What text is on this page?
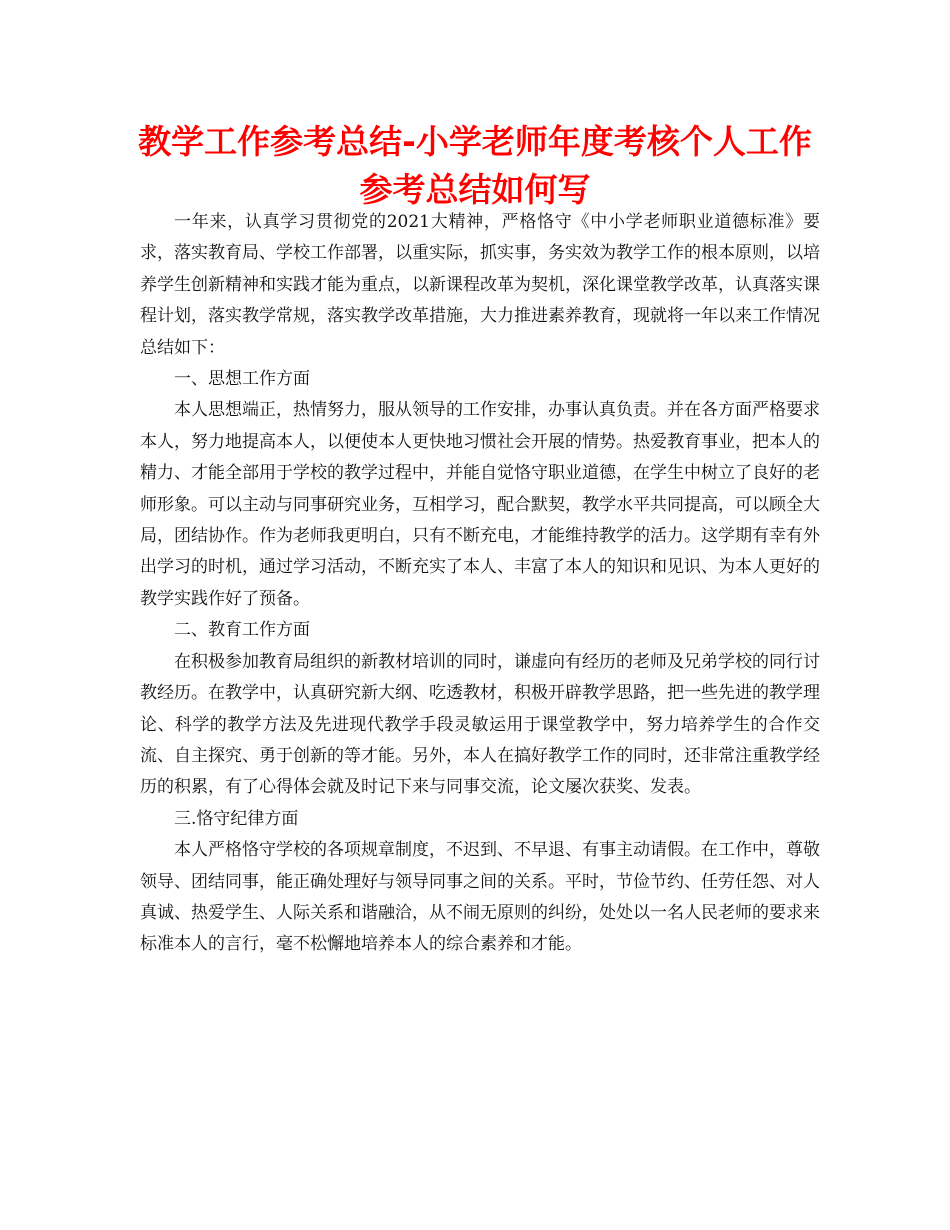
教学工作参考总结-小学老师年度考核个人工作参考总结如何写

一年来，认真学习贯彻党的2021大精神，严格恪守《中小学老师职业道德标准》要求，落实教育局、学校工作部署，以重实际，抓实事，务实效为教学工作的根本原则，以培养学生创新精神和实践才能为重点，以新课程改革为契机，深化课堂教学改革，认真落实课程计划，落实教学常规，落实教学改革措施，大力推进素养教育，现就将一年以来工作情况总结如下：

一、思想工作方面

本人思想端正，热情努力，服从领导的工作安排，办事认真负责。并在各方面严格要求本人，努力地提高本人，以便使本人更快地习惯社会开展的情势。热爱教育事业，把本人的精力、才能全部用于学校的教学过程中，并能自觉恪守职业道德，在学生中树立了良好的老师形象。可以主动与同事研究业务，互相学习，配合默契，教学水平共同提高，可以顾全大局，团结协作。作为老师我更明白，只有不断充电，才能维持教学的活力。这学期有幸有外出学习的时机，通过学习活动，不断充实了本人、丰富了本人的知识和见识、为本人更好的教学实践作好了预备。

二、教育工作方面

在积极参加教育局组织的新教材培训的同时，谦虚向有经历的老师及兄弟学校的同行讨教经历。在教学中，认真研究新大纲、吃透教材，积极开辟教学思路，把一些先进的教学理论、科学的教学方法及先进现代教学手段灵敏运用于课堂教学中，努力培养学生的合作交流、自主探究、勇于创新的等才能。另外，本人在搞好教学工作的同时，还非常注重教学经历的积累，有了心得体会就及时记下来与同事交流，论文屡次获奖、发表。

三.恪守纪律方面

本人严格恪守学校的各项规章制度，不迟到、不早退、有事主动请假。在工作中，尊敬领导、团结同事，能正确处理好与领导同事之间的关系。平时，节俭节约、任劳任怨、对人真诚、热爱学生、人际关系和谐融洽，从不闹无原则的纠纷，处处以一名人民老师的要求来标准本人的言行，毫不松懈地培养本人的综合素养和才能。
